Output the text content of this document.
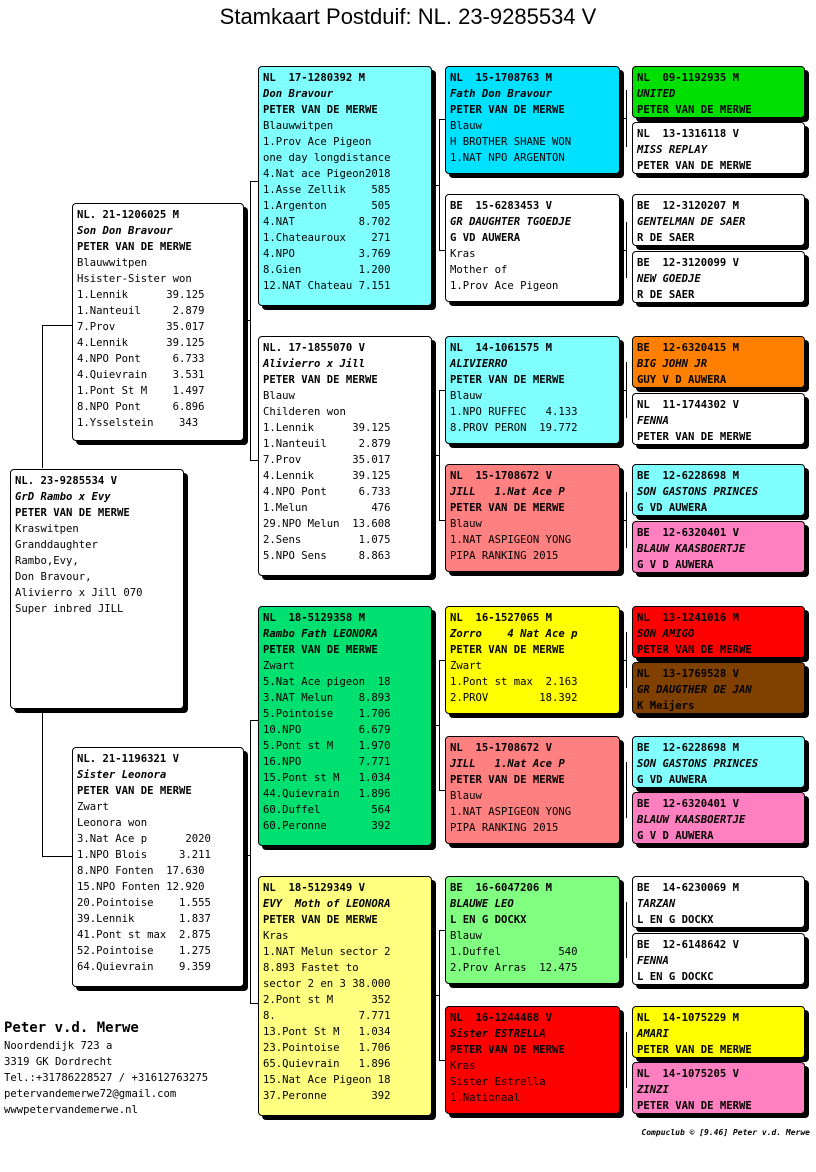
Stamkaart Postduif: NL. 23-9285534 V
NL. 23-9285534 V
GrD Rambo x Evy
PETER VAN DE MERWE
Kraswitpen
Granddaughter
Rambo,Evy,
Don Bravour,
Alivierro x Jill 070
Super inbred JILL
NL. 21-1206025 M
Son Don Bravour
PETER VAN DE MERWE
Blauwwitpen
Hsister-Sister won
1.Lennik      39.125
1.Nanteuil     2.879
7.Prov        35.017
4.Lennik      39.125
4.NPO Pont     6.733
4.Quievrain    3.531
1.Pont St M    1.497
8.NPO Pont     6.896
1.Ysselstein    343
NL. 21-1196321 V
Sister Leonora
PETER VAN DE MERWE
Zwart
Leonora won
3.Nat Ace p      2020
1.NPO Blois     3.211
8.NPO Fonten  17.630
15.NPO Fonten 12.920
20.Pointoise    1.555
39.Lennik       1.837
41.Pont st max  2.875
52.Pointoise    1.275
64.Quievrain    9.359
NL  17-1280392 M
Don Bravour
PETER VAN DE MERWE
Blauwwitpen
1.Prov Ace Pigeon
one day longdistance
4.Nat ace Pigeon2018
1.Asse Zellik    585
1.Argenton       505
4.NAT          8.702
1.Chateauroux    271
4.NPO          3.769
8.Gien         1.200
12.NAT Chateau 7.151
NL. 17-1855070 V
Alivierro x Jill
PETER VAN DE MERWE
Blauw
Childeren won
1.Lennik      39.125
1.Nanteuil     2.879
7.Prov        35.017
4.Lennik      39.125
4.NPO Pont     6.733
1.Melun          476
29.NPO Melun  13.608
2.Sens         1.075
5.NPO Sens     8.863
NL  18-5129358 M
Rambo Fath LEONORA
PETER VAN DE MERWE
Zwart
5.Nat Ace pigeon  18
3.NAT Melun    8.893
5.Pointoise    1.706
10.NPO         6.679
5.Pont st M    1.970
16.NPO         7.771
15.Pont st M   1.034
44.Quievrain   1.896
60.Duffel        564
60.Peronne       392
NL  18-5129349 V
EVY  Moth of LEONORA
PETER VAN DE MERWE
Kras
1.NAT Melun sector 2
8.893 Fastet to
sector 2 en 3 38.000
2.Pont st M      352
8.             7.771
13.Pont St M   1.034
23.Pointoise   1.706
65.Quievrain   1.896
15.Nat Ace Pigeon 18
37.Peronne       392
NL  15-1708763 M
Fath Don Bravour
PETER VAN DE MERWE
Blauw
H BROTHER SHANE WON
1.NAT NPO ARGENTON
BE  15-6283453 V
GR DAUGHTER TGOEDJE
G VD AUWERA
Kras
Mother of
1.Prov Ace Pigeon
NL  14-1061575 M
ALIVIERRO
PETER VAN DE MERWE
Blauw
1.NPO RUFFEC   4.133
8.PROV PERON  19.772
NL  15-1708672 V
JILL   1.Nat Ace P
PETER VAN DE MERWE
Blauw
1.NAT ASPIGEON YONG
PIPA RANKING 2015
NL  16-1527065 M
Zorro    4 Nat Ace p
PETER VAN DE MERWE
Zwart
1.Pont st max  2.163
2.PROV        18.392
NL  15-1708672 V
JILL   1.Nat Ace P
PETER VAN DE MERWE
Blauw
1.NAT ASPIGEON YONG
PIPA RANKING 2015
BE  16-6047206 M
BLAUWE LEO
L EN G DOCKX
Blauw
1.Duffel         540
2.Prov Arras  12.475
NL  16-1244468 V
Sister ESTRELLA
PETER VAN DE MERWE
Kras
Sister Estrella
1.Nationaal
NL  09-1192935 M
UNITED
PETER VAN DE MERWE
NL  13-1316118 V
MISS REPLAY
PETER VAN DE MERWE
BE  12-3120207 M
GENTELMAN DE SAER
R DE SAER
BE  12-3120099 V
NEW GOEDJE
R DE SAER
BE  12-6320415 M
BIG JOHN JR
GUY V D AUWERA
NL  11-1744302 V
FENNA
PETER VAN DE MERWE
BE  12-6228698 M
SON GASTONS PRINCES
G VD AUWERA
BE  12-6320401 V
BLAUW KAASBOERTJE
G V D AUWERA
NL  13-1241016 M
SON AMIGO
PETER VAN DE MERWE
NL  13-1769528 V
GR DAUGTHER DE JAN
K Meijers
BE  12-6228698 M
SON GASTONS PRINCES
G VD AUWERA
BE  12-6320401 V
BLAUW KAASBOERTJE
G V D AUWERA
BE  14-6230069 M
TARZAN
L EN G DOCKX
BE  12-6148642 V
FENNA
L EN G DOCKC
NL  14-1075229 M
AMARI
PETER VAN DE MERWE
NL  14-1075205 V
ZINZI
PETER VAN DE MERWE
Peter v.d. Merwe
Noordendijk 723 a
3319 GK Dordrecht
Tel.:+31786228527 / +31612763275
petervandemerwe72@gmail.com
wwwpetervandemerwe.nl
Compuclub © [9.46] Peter v.d. Merwe
